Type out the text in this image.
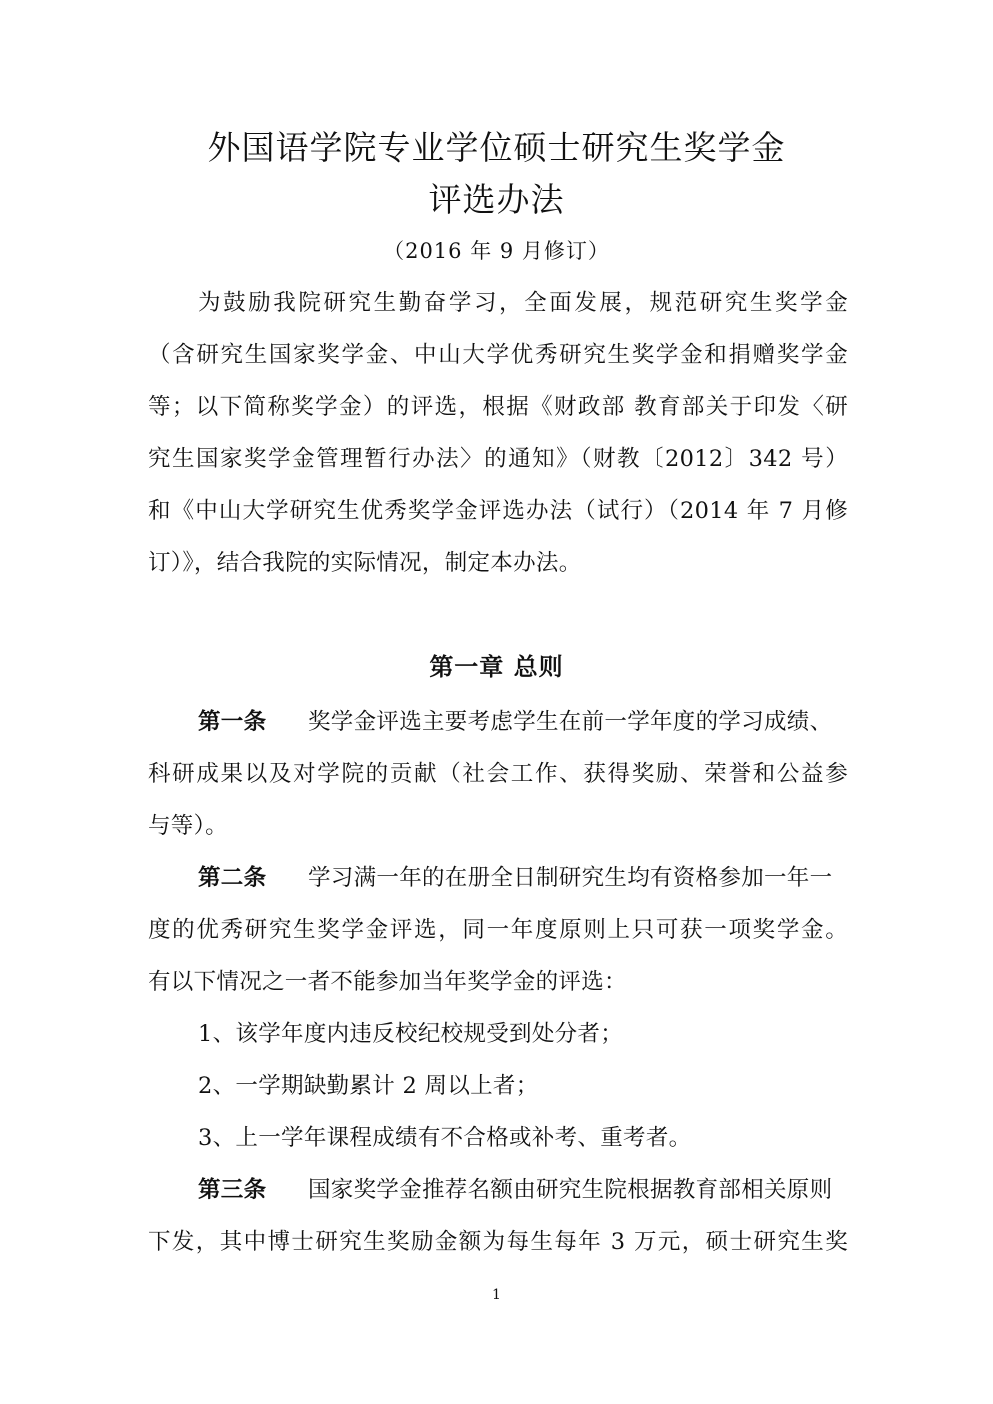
外国语学院专业学位硕士研究生奖学金
评选办法
（2016 年 9 月修订）
为鼓励我院研究生勤奋学习，全面发展，规范研究生奖学金
（含研究生国家奖学金、中山大学优秀研究生奖学金和捐赠奖学金
等；以下简称奖学金）的评选，根据《财政部 教育部关于印发〈研
究生国家奖学金管理暂行办法〉的通知》（财教〔2012〕342 号）
和《中山大学研究生优秀奖学金评选办法（试行）（2014 年 7 月修
订）》，结合我院的实际情况，制定本办法。
第一章 总则
第一条 奖学金评选主要考虑学生在前一学年度的学习成绩、
科研成果以及对学院的贡献（社会工作、获得奖励、荣誉和公益参
与等）。
第二条 学习满一年的在册全日制研究生均有资格参加一年一
度的优秀研究生奖学金评选，同一年度原则上只可获一项奖学金。
有以下情况之一者不能参加当年奖学金的评选：
1、该学年度内违反校纪校规受到处分者；
2、一学期缺勤累计 2 周以上者；
3、上一学年课程成绩有不合格或补考、重考者。
第三条 国家奖学金推荐名额由研究生院根据教育部相关原则
下发，其中博士研究生奖励金额为每生每年 3 万元，硕士研究生奖
1
